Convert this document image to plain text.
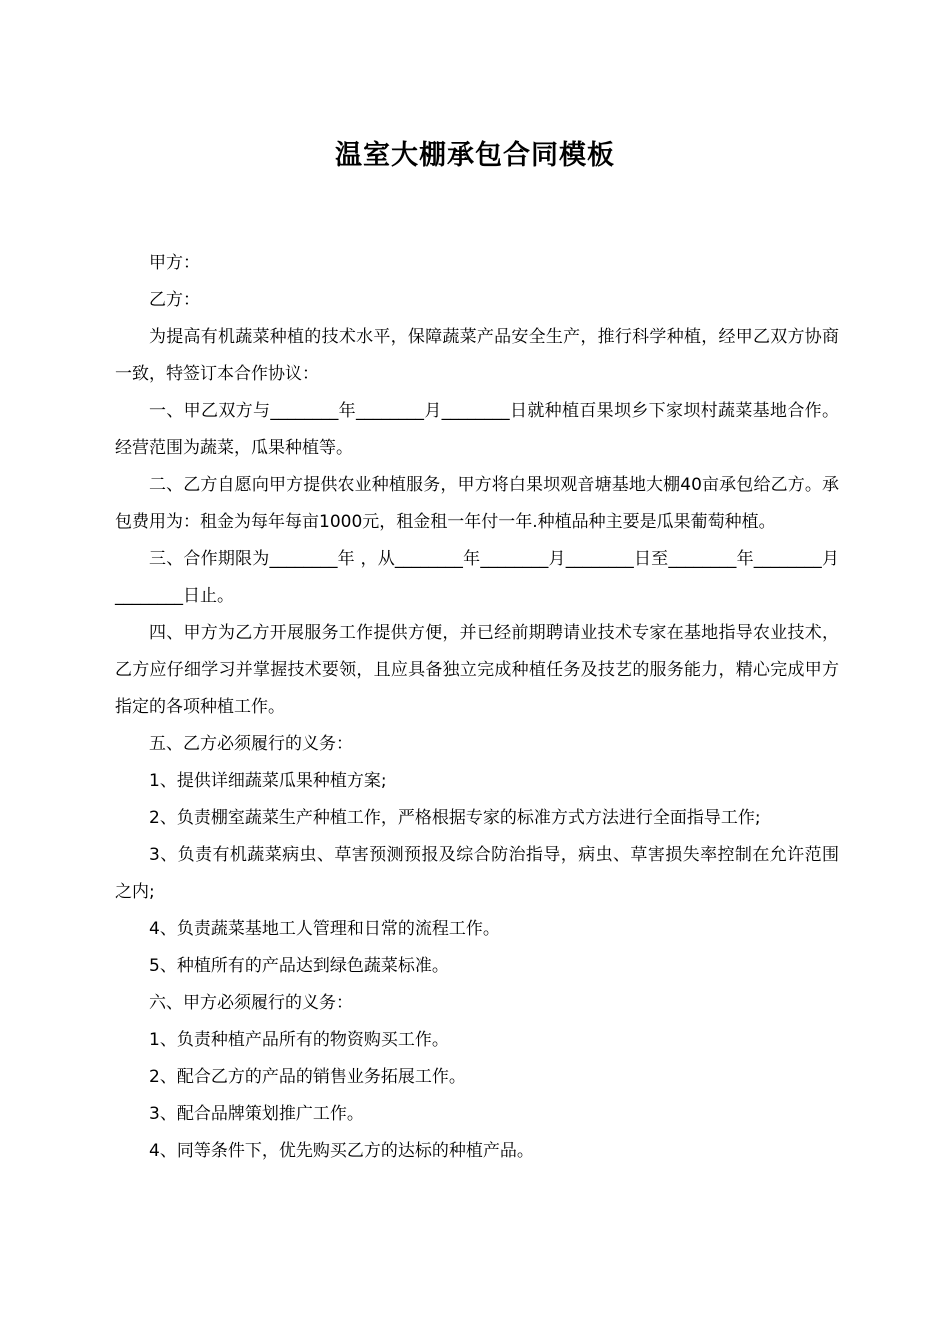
温室大棚承包合同模板

甲方：

乙方：

为提高有机蔬菜种植的技术水平，保障蔬菜产品安全生产，推行科学种植，经甲乙双方协商一致，特签订本合作协议：

一、甲乙双方与________年________月________日就种植百果坝乡下家坝村蔬菜基地合作。经营范围为蔬菜，瓜果种植等。

二、乙方自愿向甲方提供农业种植服务，甲方将白果坝观音塘基地大棚40亩承包给乙方。承包费用为：租金为每年每亩1000元，租金租一年付一年.种植品种主要是瓜果葡萄种植。

三、合作期限为________年 ，从________年________月________日至________年________月________日止。

四、甲方为乙方开展服务工作提供方便，并已经前期聘请业技术专家在基地指导农业技术，乙方应仔细学习并掌握技术要领，且应具备独立完成种植任务及技艺的服务能力，精心完成甲方指定的各项种植工作。

五、乙方必须履行的义务：

1、提供详细蔬菜瓜果种植方案;

2、负责棚室蔬菜生产种植工作，严格根据专家的标准方式方法进行全面指导工作;

3、负责有机蔬菜病虫、草害预测预报及综合防治指导，病虫、草害损失率控制在允许范围之内;

4、负责蔬菜基地工人管理和日常的流程工作。

5、种植所有的产品达到绿色蔬菜标准。

六、甲方必须履行的义务：

1、负责种植产品所有的物资购买工作。

2、配合乙方的产品的销售业务拓展工作。

3、配合品牌策划推广工作。

4、同等条件下，优先购买乙方的达标的种植产品。
